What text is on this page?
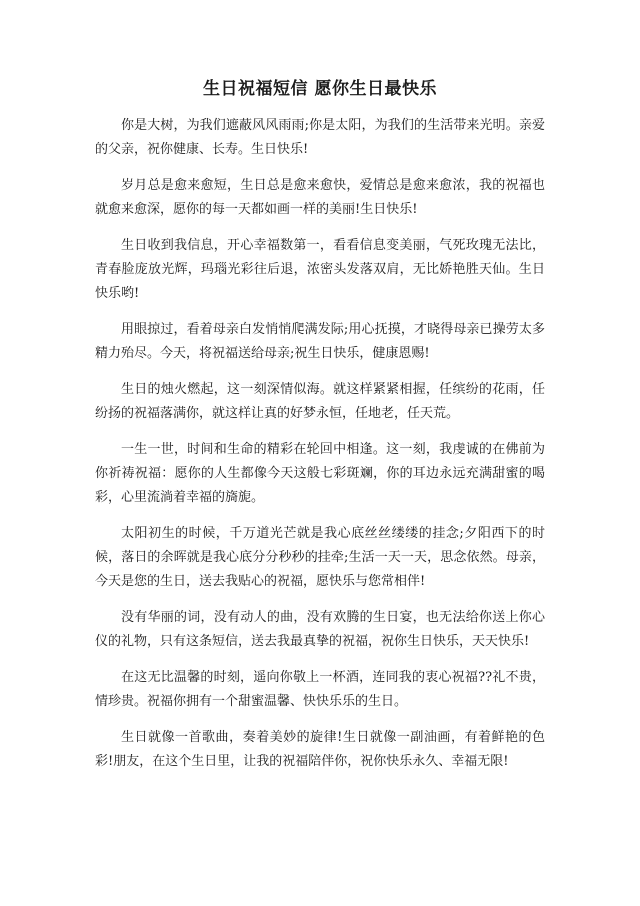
生日祝福短信 愿你生日最快乐

你是大树，为我们遮蔽风风雨雨;你是太阳，为我们的生活带来光明。亲爱的父亲，祝你健康、长寿。生日快乐!

岁月总是愈来愈短，生日总是愈来愈快，爱情总是愈来愈浓，我的祝福也就愈来愈深，愿你的每一天都如画一样的美丽!生日快乐!

生日收到我信息，开心幸福数第一，看看信息变美丽，气死玫瑰无法比，青春脸庞放光辉，玛瑙光彩往后退，浓密头发落双肩，无比娇艳胜天仙。生日快乐哟!

用眼掠过，看着母亲白发悄悄爬满发际;用心抚摸，才晓得母亲已操劳太多精力殆尽。今天，将祝福送给母亲;祝生日快乐，健康恩赐!

生日的烛火燃起，这一刻深情似海。就这样紧紧相握，任缤纷的花雨，任纷扬的祝福落满你，就这样让真的好梦永恒，任地老，任天荒。

一生一世，时间和生命的精彩在轮回中相逢。这一刻，我虔诚的在佛前为你祈祷祝福：愿你的人生都像今天这般七彩斑斓，你的耳边永远充满甜蜜的喝彩，心里流淌着幸福的旖旎。

太阳初生的时候，千万道光芒就是我心底丝丝缕缕的挂念;夕阳西下的时候，落日的余晖就是我心底分分秒秒的挂牵;生活一天一天，思念依然。母亲，今天是您的生日，送去我贴心的祝福，愿快乐与您常相伴!

没有华丽的词，没有动人的曲，没有欢腾的生日宴，也无法给你送上你心仪的礼物，只有这条短信，送去我最真挚的祝福，祝你生日快乐，天天快乐!

在这无比温馨的时刻，遥向你敬上一杯酒，连同我的衷心祝福??礼不贵，情珍贵。祝福你拥有一个甜蜜温馨、快快乐乐的生日。

生日就像一首歌曲，奏着美妙的旋律!生日就像一副油画，有着鲜艳的色彩!朋友，在这个生日里，让我的祝福陪伴你，祝你快乐永久、幸福无限!
